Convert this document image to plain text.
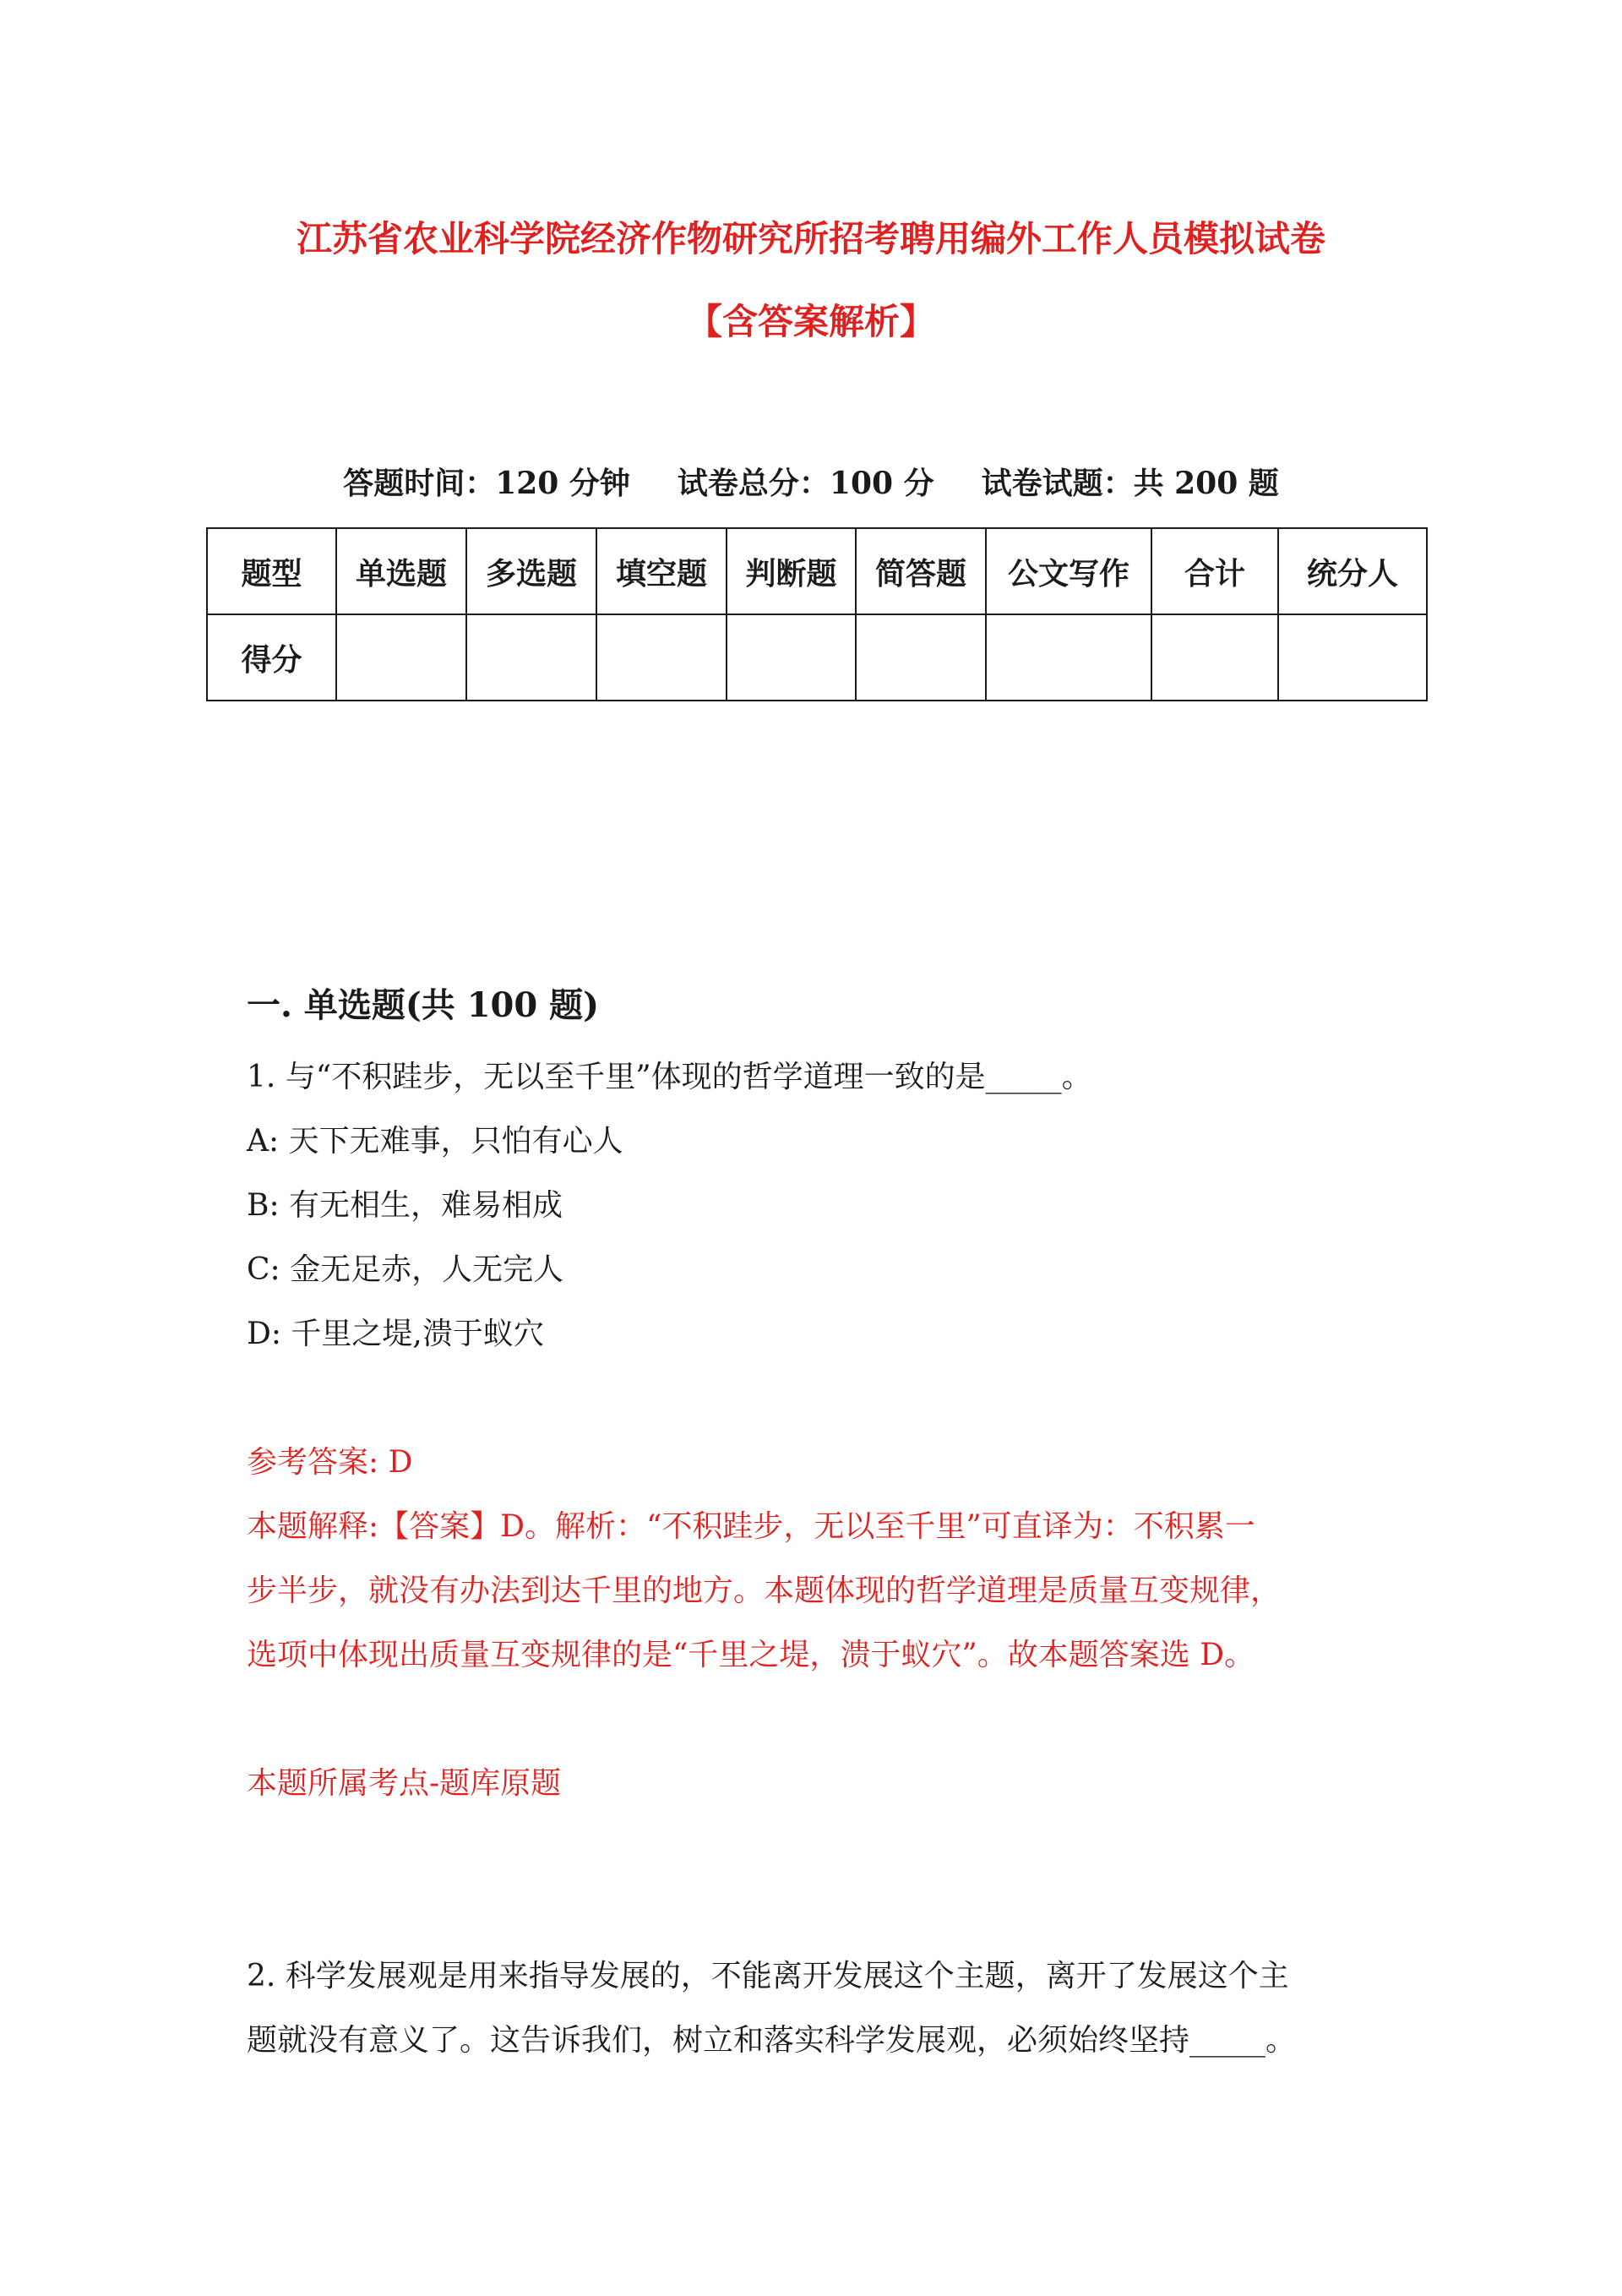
江苏省农业科学院经济作物研究所招考聘用编外工作人员模拟试卷
【含答案解析】
答题时间：120 分钟 试卷总分：100 分 试卷试题：共 200 题
题型	单选题	多选题	填空题	判断题	简答题	公文写作	合计	统分人
得分								
一. 单选题(共 100 题)
1. 与“不积跬步，无以至千里”体现的哲学道理一致的是_____。
A: 天下无难事，只怕有心人
B: 有无相生，难易相成
C: 金无足赤，人无完人
D: 千里之堤,溃于蚁穴
参考答案: D
本题解释:【答案】D。解析：“不积跬步，无以至千里”可直译为：不积累一
步半步，就没有办法到达千里的地方。本题体现的哲学道理是质量互变规律，
选项中体现出质量互变规律的是“千里之堤，溃于蚁穴”。故本题答案选 D。
本题所属考点-题库原题
2. 科学发展观是用来指导发展的，不能离开发展这个主题，离开了发展这个主
题就没有意义了。这告诉我们，树立和落实科学发展观，必须始终坚持_____。
